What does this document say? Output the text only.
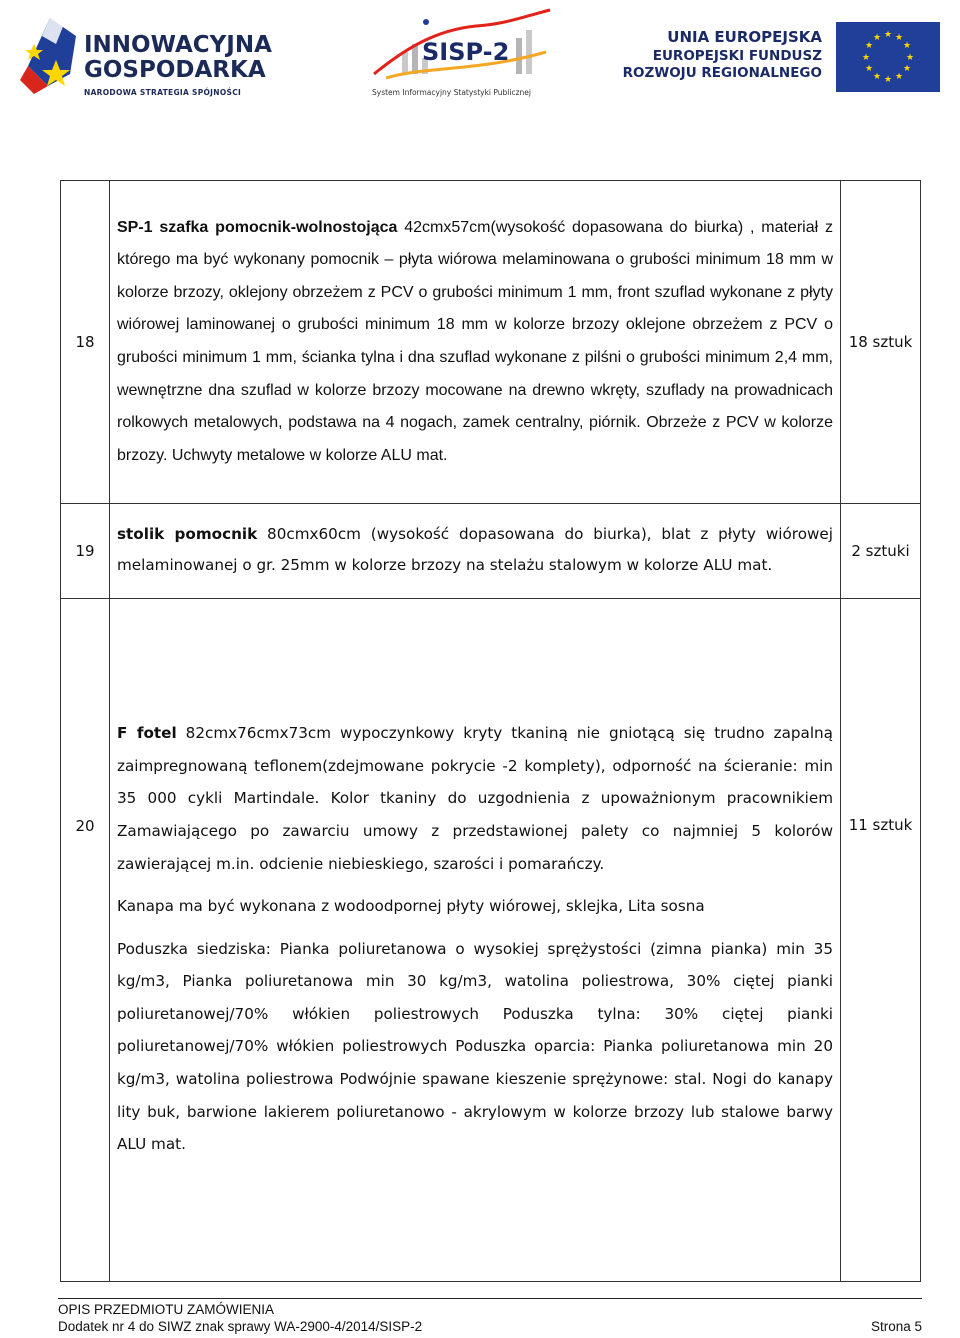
INNOWACYJNA
GOSPODARKA
NARODOWA STRATEGIA SPÓJNOŚCI
SISP-2
System Informacyjny Statystyki Publicznej
UNIA EUROPEJSKA
EUROPEJSKI FUNDUSZ
ROZWOJU REGIONALNEGO
★ ★
★
★
★
★
★
★
★
★
★
★
18	SP-1 szafka pomocnik-wolnostojąca 42cmx57cm(wysokość dopasowana do biurka) , materiał z którego ma być wykonany pomocnik – płyta wiórowa melaminowana o grubości minimum 18 mm w kolorze brzozy, oklejony obrzeżem z PCV o grubości minimum 1 mm, front szuflad wykonane z płyty wiórowej laminowanej o grubości minimum 18 mm w kolorze brzozy oklejone obrzeżem z PCV o grubości minimum 1 mm, ścianka tylna i dna szuflad wykonane z pilśni o grubości minimum 2,4 mm, wewnętrzne dna szuflad w kolorze brzozy mocowane na drewno wkręty, szuflady na prowadnicach rolkowych metalowych, podstawa na 4 nogach, zamek centralny, piórnik. Obrzeże z PCV w kolorze brzozy. Uchwyty metalowe w kolorze ALU mat.	18 sztuk
19	stolik pomocnik 80cmx60cm (wysokość dopasowana do biurka), blat z płyty wiórowej melaminowanej o gr. 25mm w kolorze brzozy na stelażu stalowym w kolorze ALU mat.	2 sztuki
20	F fotel 82cmx76cmx73cm wypoczynkowy kryty tkaniną nie gniotącą się trudno zapalną zaimpregnowaną teflonem(zdejmowane pokrycie -2 komplety), odporność na ścieranie: min 35 000 cykli Martindale. Kolor tkaniny do uzgodnienia z upoważnionym pracownikiem Zamawiającego po zawarciu umowy z przedstawionej palety co najmniej 5 kolorów zawierającej m.in. odcienie niebieskiego, szarości i pomarańczy.

Kanapa ma być wykonana z wodoodpornej płyty wiórowej, sklejka, Lita sosna

Poduszka siedziska: Pianka poliuretanowa o wysokiej sprężystości (zimna pianka) min 35 kg/m3, Pianka poliuretanowa min 30 kg/m3, watolina poliestrowa, 30% ciętej pianki poliuretanowej/70% włókien poliestrowych Poduszka tylna: 30% ciętej pianki poliuretanowej/70% włókien poliestrowych Poduszka oparcia: Pianka poliuretanowa min 20 kg/m3, watolina poliestrowa Podwójnie spawane kieszenie sprężynowe: stal. Nogi do kanapy lity buk, barwione lakierem poliuretanowo - akrylowym w kolorze brzozy lub stalowe barwy ALU mat.	11 sztuk
OPIS PRZEDMIOTU ZAMÓWIENIA
Dodatek nr 4 do SIWZ znak sprawy WA-2900-4/2014/SISP-2	Strona 5
